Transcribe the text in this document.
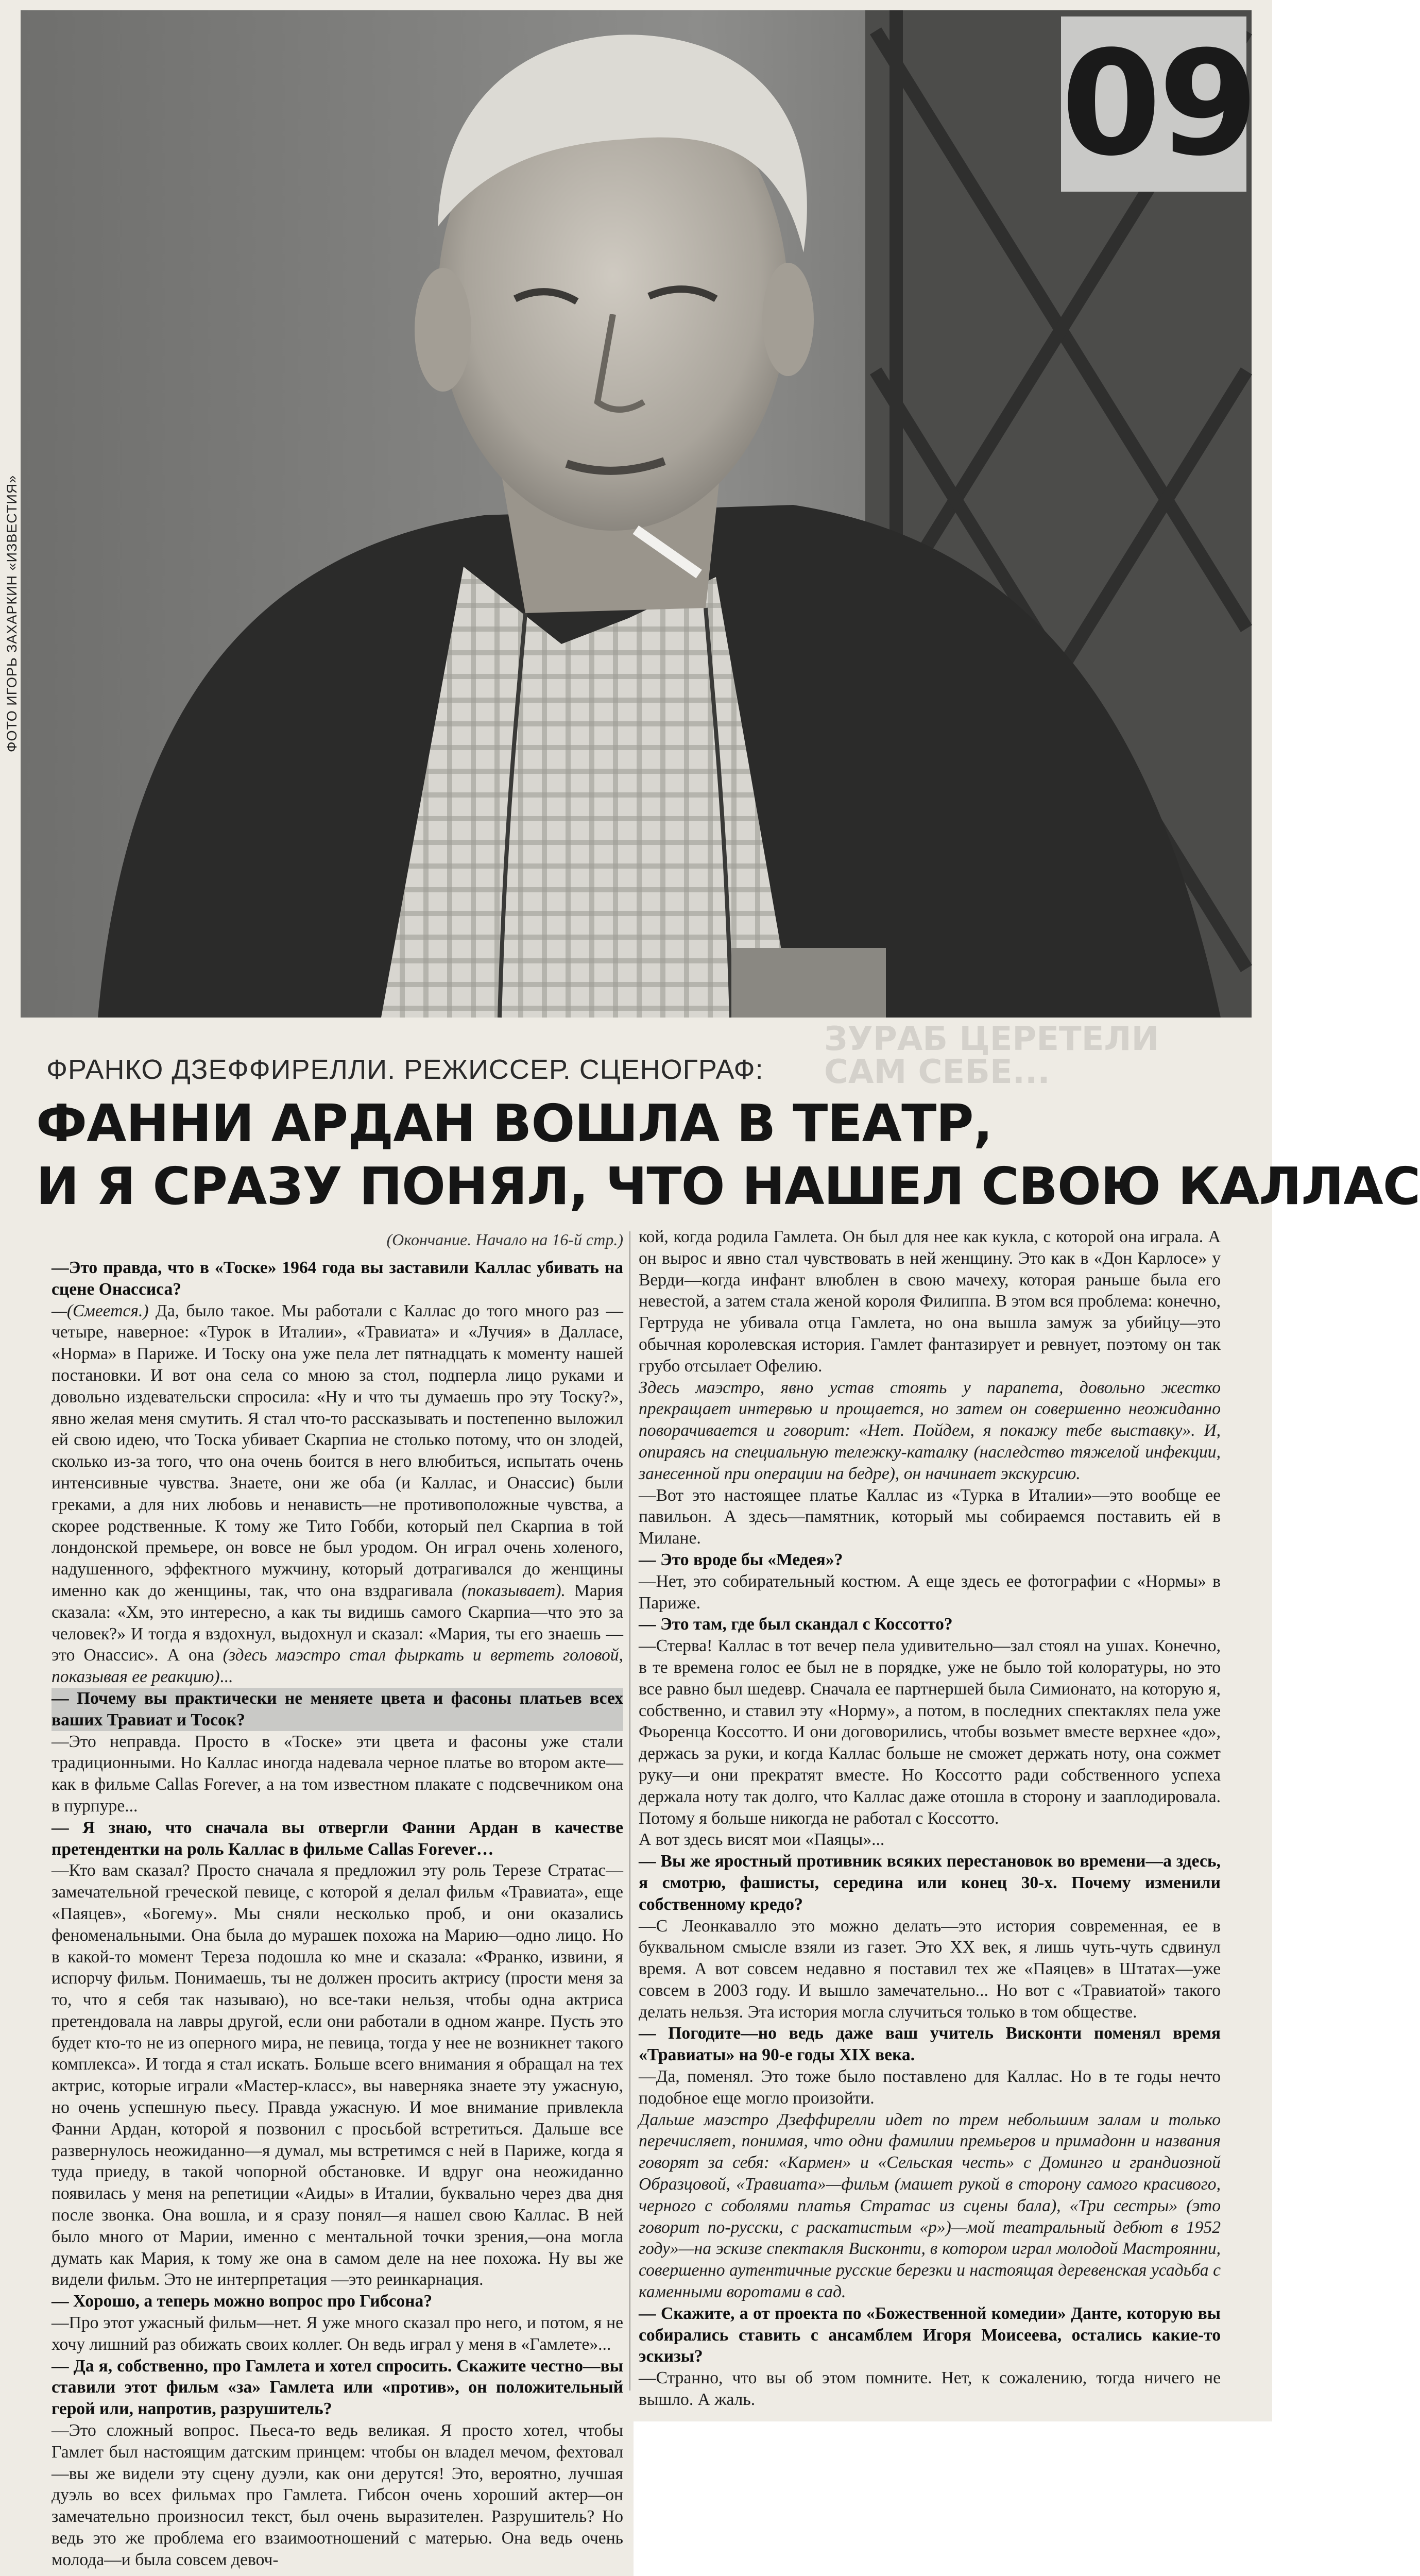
ФОТО ИГОРЬ ЗАХАРКИН «ИЗВЕСТИЯ»
09
ЗУРАБ ЦЕРЕТЕЛИ
САМ СЕБЕ...
ФРАНКО ДЗЕФФИРЕЛЛИ. РЕЖИССЕР. СЦЕНОГРАФ:
ФАННИ АРДАН ВОШЛА В ТЕАТР,
И Я СРАЗУ ПОНЯЛ, ЧТО НАШЕЛ СВОЮ КАЛЛАС
(Окончание. Начало на 16-й стр.)

—Это правда, что в «Тоске» 1964 года вы заставили Каллас убивать на сцене Онассиса?

—(Смеется.) Да, было такое. Мы работали с Каллас до того много раз —четыре, наверное: «Турок в Италии», «Травиата» и «Лучия» в Далласе, «Норма» в Париже. И Тоску она уже пела лет пятнадцать к моменту нашей постановки. И вот она села со мною за стол, подперла лицо руками и довольно издевательски спросила: «Ну и что ты думаешь про эту Тоску?», явно желая меня смутить. Я стал что-то рассказывать и постепенно выложил ей свою идею, что Тоска убивает Скарпиа не столько потому, что он злодей, сколько из-за того, что она очень боится в него влюбиться, испытать очень интенсивные чувства. Знаете, они же оба (и Каллас, и Онассис) были греками, а для них любовь и ненависть—не противоположные чувства, а скорее родственные. К тому же Тито Гобби, который пел Скарпиа в той лондонской премьере, он вовсе не был уродом. Он играл очень холеного, надушенного, эффектного мужчину, который дотрагивался до женщины именно как до женщины, так, что она вздрагивала (показывает). Мария сказала: «Хм, это интересно, а как ты видишь самого Скарпиа—что это за человек?» И тогда я вздохнул, выдохнул и сказал: «Мария, ты его знаешь —это Онассис». А она (здесь маэстро стал фыркать и вертеть головой, показывая ее реакцию)...

— Почему вы практически не меняете цвета и фасоны платьев всех ваших Травиат и Тосок?

—Это неправда. Просто в «Тоске» эти цвета и фасоны уже стали традиционными. Но Каллас иногда надевала черное платье во втором акте—как в фильме Callas Forever, а на том известном плакате с подсвечником она в пурпуре...

— Я знаю, что сначала вы отвергли Фанни Ардан в качестве претендентки на роль Каллас в фильме Callas Forever…

—Кто вам сказал? Просто сначала я предложил эту роль Терезе Стратас—замечательной греческой певице, с которой я делал фильм «Травиата», еще «Паяцев», «Богему». Мы сняли несколько проб, и они оказались феноменальными. Она была до мурашек похожа на Марию—одно лицо. Но в какой-то момент Тереза подошла ко мне и сказала: «Франко, извини, я испорчу фильм. Понимаешь, ты не должен просить актрису (прости меня за то, что я себя так называю), но все-таки нельзя, чтобы одна актриса претендовала на лавры другой, если они работали в одном жанре. Пусть это будет кто-то не из оперного мира, не певица, тогда у нее не возникнет такого комплекса». И тогда я стал искать. Больше всего внимания я обращал на тех актрис, которые играли «Мастер-класс», вы наверняка знаете эту ужасную, но очень успешную пьесу. Правда ужасную. И мое внимание привлекла Фанни Ардан, которой я позвонил с просьбой встретиться. Дальше все развернулось неожиданно—я думал, мы встретимся с ней в Париже, когда я туда приеду, в такой чопорной обстановке. И вдруг она неожиданно появилась у меня на репетиции «Аиды» в Италии, буквально через два дня после звонка. Она вошла, и я сразу понял—я нашел свою Каллас. В ней было много от Марии, именно с ментальной точки зрения,—она могла думать как Мария, к тому же она в самом деле на нее похожа. Ну вы же видели фильм. Это не интерпретация —это реинкарнация.

— Хорошо, а теперь можно вопрос про Гибсона?

—Про этот ужасный фильм—нет. Я уже много сказал про него, и потом, я не хочу лишний раз обижать своих коллег. Он ведь играл у меня в «Гамлете»...

— Да я, собственно, про Гамлета и хотел спросить. Скажите честно—вы ставили этот фильм «за» Гамлета или «против», он положительный герой или, напротив, разрушитель?

—Это сложный вопрос. Пьеса-то ведь великая. Я просто хотел, чтобы Гамлет был настоящим датским принцем: чтобы он владел мечом, фехтовал—вы же видели эту сцену дуэли, как они дерутся! Это, вероятно, лучшая дуэль во всех фильмах про Гамлета. Гибсон очень хороший актер—он замечательно произносил текст, был очень выразителен. Разрушитель? Но ведь это же проблема его взаимоотношений с матерью. Она ведь очень молода—и была совсем девоч-

кой, когда родила Гамлета. Он был для нее как кукла, с которой она играла. А он вырос и явно стал чувствовать в ней женщину. Это как в «Дон Карлосе» у Верди—когда инфант влюблен в свою мачеху, которая раньше была его невестой, а затем стала женой короля Филиппа. В этом вся проблема: конечно, Гертруда не убивала отца Гамлета, но она вышла замуж за убийцу—это обычная королевская история. Гамлет фантазирует и ревнует, поэтому он так грубо отсылает Офелию.

Здесь маэстро, явно устав стоять у парапета, довольно жестко прекращает интервью и прощается, но затем он совершенно неожиданно поворачивается и говорит: «Нет. Пойдем, я покажу тебе выставку». И, опираясь на специальную тележку-каталку (наследство тяжелой инфекции, занесенной при операции на бедре), он начинает экскурсию.

—Вот это настоящее платье Каллас из «Турка в Италии»—это вообще ее павильон. А здесь—памятник, который мы собираемся поставить ей в Милане.

— Это вроде бы «Медея»?

—Нет, это собирательный костюм. А еще здесь ее фотографии с «Нормы» в Париже.

— Это там, где был скандал с Коссотто?

—Стерва! Каллас в тот вечер пела удивительно—зал стоял на ушах. Конечно, в те времена голос ее был не в порядке, уже не было той колоратуры, но это все равно был шедевр. Сначала ее партнершей была Симионато, на которую я, собственно, и ставил эту «Норму», а потом, в последних спектаклях пела уже Фьоренца Коссотто. И они договорились, чтобы возьмет вместе верхнее «до», держась за руки, и когда Каллас больше не сможет держать ноту, она сожмет руку—и они прекратят вместе. Но Коссотто ради собственного успеха держала ноту так долго, что Каллас даже отошла в сторону и зааплодировала. Потому я больше никогда не работал с Коссотто.

А вот здесь висят мои «Паяцы»...

— Вы же яростный противник всяких перестановок во времени—а здесь, я смотрю, фашисты, середина или конец 30-х. Почему изменили собственному кредо?

—С Леонкавалло это можно делать—это история современная, ее в буквальном смысле взяли из газет. Это XX век, я лишь чуть-чуть сдвинул время. А вот совсем недавно я поставил тех же «Паяцев» в Штатах—уже совсем в 2003 году. И вышло замечательно... Но вот с «Травиатой» такого делать нельзя. Эта история могла случиться только в том обществе.

— Погодите—но ведь даже ваш учитель Висконти поменял время «Травиаты» на 90-е годы XIX века.

—Да, поменял. Это тоже было поставлено для Каллас. Но в те годы нечто подобное еще могло произойти.

Дальше маэстро Дзеффирелли идет по трем небольшим залам и только перечисляет, понимая, что одни фамилии премьеров и примадонн и названия говорят за себя: «Кармен» и «Сельская честь» с Доминго и грандиозной Образцовой, «Травиата»—фильм (машет рукой в сторону самого красивого, черного с соболями платья Стратас из сцены бала), «Три сестры» (это говорит по-русски, с раскатистым «р»)—мой театральный дебют в 1952 году»—на эскизе спектакля Висконти, в котором играл молодой Мастроянни, совершенно аутентичные русские березки и настоящая деревенская усадьба с каменными воротами в сад.

— Скажите, а от проекта по «Божественной комедии» Данте, которую вы собирались ставить с ансамблем Игоря Моисеева, остались какие-то эскизы?

—Странно, что вы об этом помните. Нет, к сожалению, тогда ничего не вышло. А жаль.
